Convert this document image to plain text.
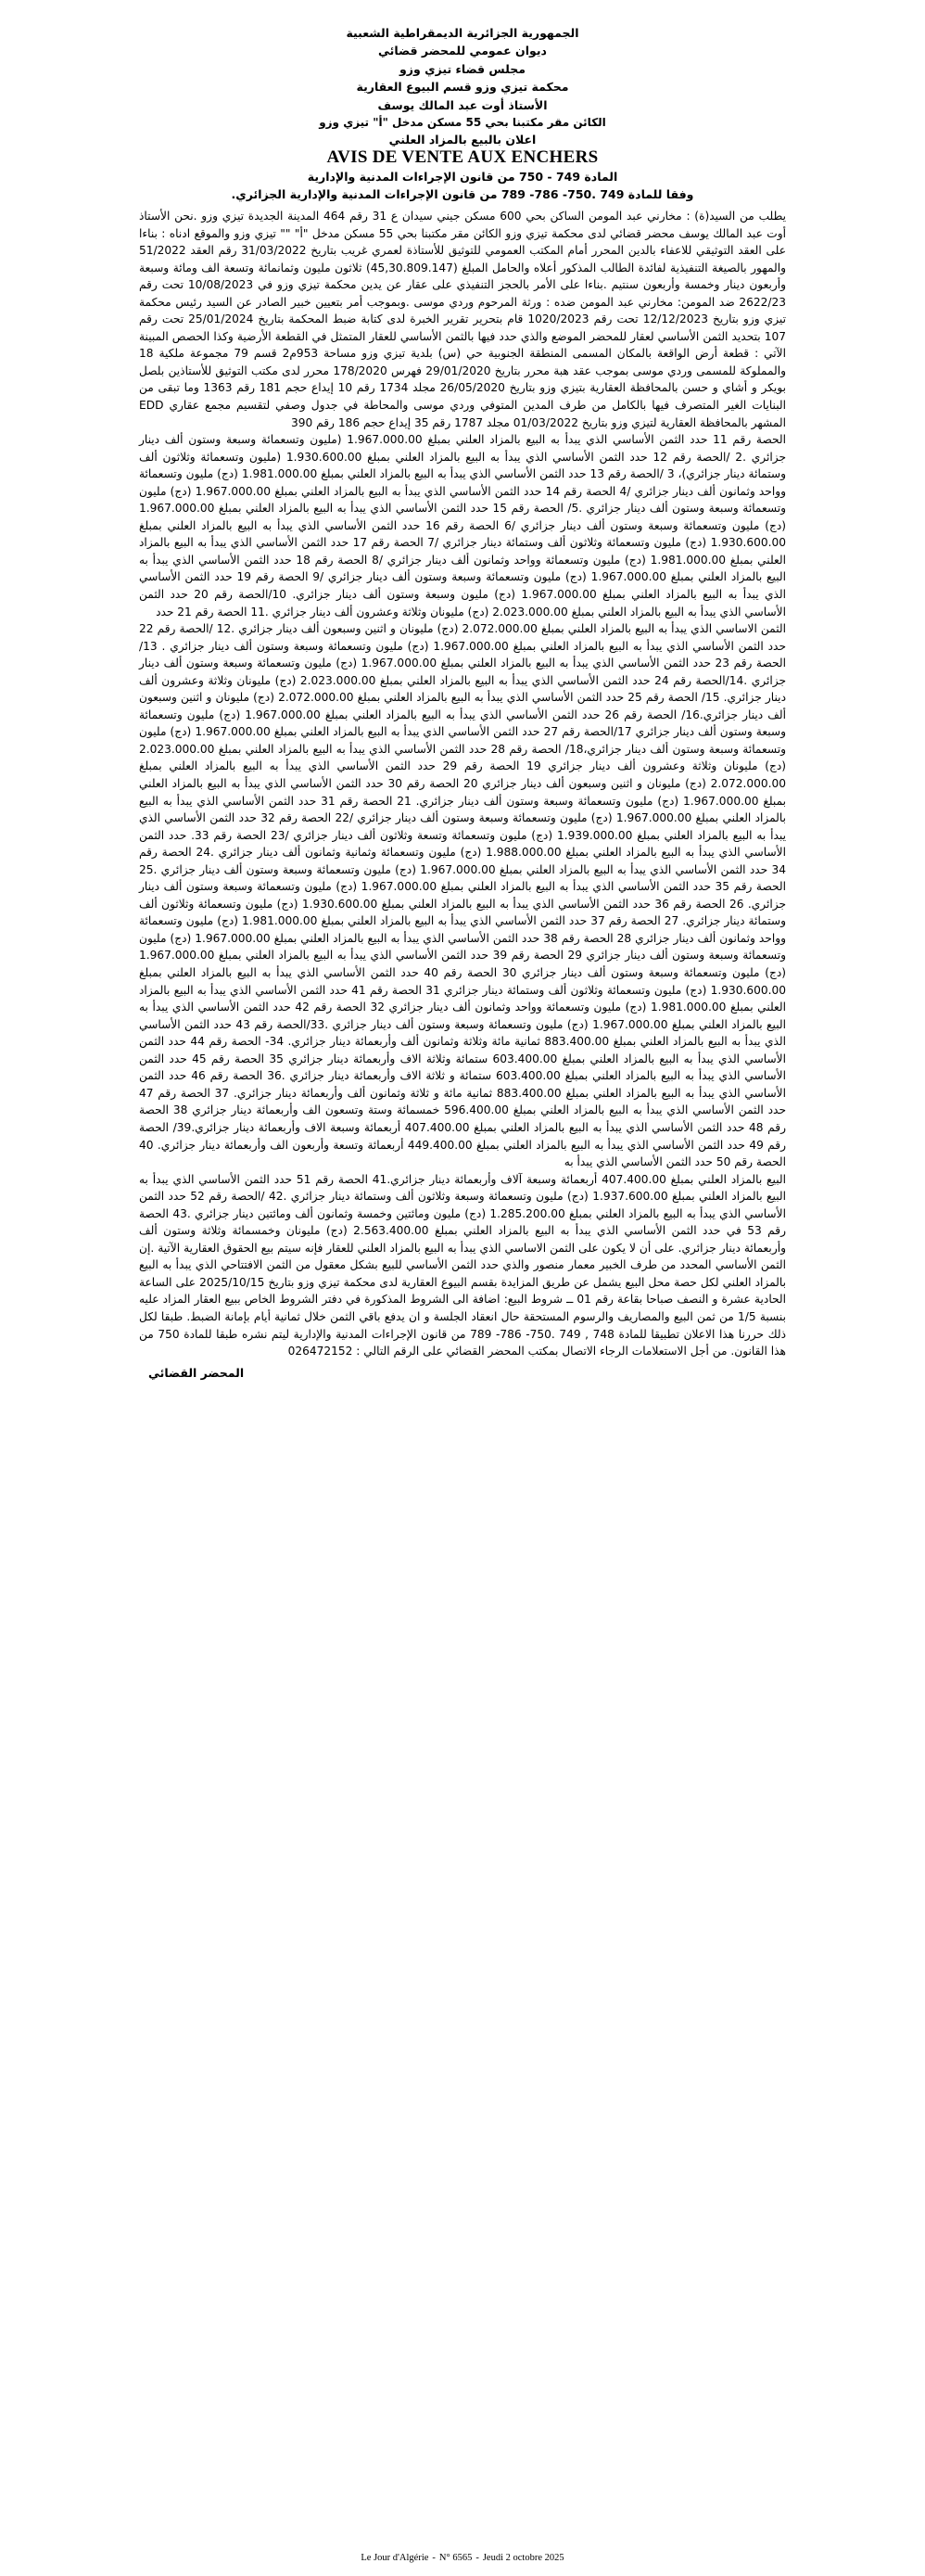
الجمهورية الجزائرية الديمقراطية الشعبية
ديوان عمومي للمحضر قضائي
مجلس قضاء تيزي وزو
محكمة تيزي وزو قسم البيوع العقارية
الأستاذ أوت عبد المالك يوسف
الكائن مقر مكتبنا بحي 55 مسكن مدخل "أ" تيزي وزو
اعلان بالبيع بالمزاد العلني
AVIS DE VENTE AUX ENCHERS
المادة 749 - 750 من قانون الإجراءات المدنية والإدارية
وفقا للمادة 749 .750- 786- 789 من قانون الإجراءات المدنية والإدارية الجزائري.

يطلب من السيد(ة) : مخارني عبد المومن الساكن بحي 600 مسكن جيني سيدان ع 31 رقم 464 المدينة الجديدة تيزي وزو .نحن الأستاذ أوت عبد المالك يوسف محضر قضائي لدى محكمة تيزي وزو الكائن مقر مكتبنا بحي 55 مسكن مدخل "أ" "" تيزي وزو والموقع ادناه : بناءا على العقد التوثيقي للاعفاء بالدين المحرر أمام المكتب العمومي للتوثيق للأستاذة لعمري غريب بتاريخ 31/03/2022 رقم العقد 51/2022 والمهور بالصيغة التنفيذية لفائدة الطالب المذكور أعلاه والحامل المبلغ (45,30.809.147) ثلاثون مليون وثمانمائة وتسعة الف ومائة وسبعة وأربعون دينار وخمسة وأربعون سنتيم .بناءا على الأمر بالحجز التنفيذي على عقار عن يدين محكمة تيزي وزو في 10/08/2023 تحت رقم 2622/23 ضد المومن: مخارني عبد المومن ضده : ورثة المرحوم وردي موسى .وبموجب أمر بتعيين خبير الصادر عن السيد رئيس محكمة تيزي وزو بتاريخ 12/12/2023 تحت رقم 1020/2023 قام بتحرير تقرير الخبرة لدى كتابة ضبط المحكمة بتاريخ 25/01/2024 تحت رقم 107 بتحديد الثمن الأساسي لعقار للمحضر الموضع والذي حدد فيها بالثمن الأساسي للعقار المتمثل في القطعة الأرضية وكذا الحصص المبينة الآتي : قطعة أرض الواقعة بالمكان المسمى المنطقة الجنوبية حي (س) بلدية تيزي وزو مساحة 953م2 قسم 79 مجموعة ملكية 18 والمملوكة للمسمى وردي موسى بموجب عقد هبة محرر بتاريخ 29/01/2020 فهرس 178/2020 محرر لدى مكتب التوثيق للأستاذين بلصل بويكر و أشاي و حسن بالمحافظة العقارية بتيزي وزو بتاريخ 26/05/2020 مجلد 1734 رقم 10 إيداع حجم 181 رقم 1363 وما تبقى من البنايات الغير المتصرف فيها بالكامل من طرف المدين المتوفي وردي موسى والمحاطة في جدول وصفي لتقسيم مجمع عقاري EDD المشهر بالمحافظة العقارية لتيزي وزو بتاريخ 01/03/2022 مجلد 1787 رقم 35 إيداع حجم 186 رقم 390

الحصة رقم 11 حدد الثمن الأساسي الذي يبدأ به البيع بالمزاد العلني بمبلغ 1.967.000.00 (مليون وتسعمائة وسبعة وستون ألف دينار جزائري .2 /الحصة رقم 12 حدد الثمن الأساسي الذي يبدأ به البيع بالمزاد العلني بمبلغ 1.930.600.00 (مليون وتسعمائة وثلاثون ألف وستمائة دينار جزائري)، 3 /الحصة رقم 13 حدد الثمن الأساسي الذي يبدأ به البيع بالمزاد العلني بمبلغ 1.981.000.00 (دج) مليون وتسعمائة وواحد وثمانون ألف دينار جزائري /4 الحصة رقم 14 حدد الثمن الأساسي الذي يبدأ به البيع بالمزاد العلني بمبلغ 1.967.000.00 (دج) مليون وتسعمائة وسبعة وستون ألف دينار جزائري .5/ الحصة رقم 15 حدد الثمن الأساسي الذي يبدأ به البيع بالمزاد العلني بمبلغ 1.967.000.00 (دج) مليون وتسعمائة وسبعة وستون ألف دينار جزائري /6 الحصة رقم 16 حدد الثمن الأساسي الذي يبدأ به البيع بالمزاد العلني بمبلغ 1.930.600.00 (دج) مليون وتسعمائة وثلاثون ألف وستمائة دينار جزائري /7 الحصة رقم 17 حدد الثمن الأساسي الذي يبدأ به البيع بالمزاد العلني بمبلغ 1.981.000.00 (دج) مليون وتسعمائة وواحد وثمانون ألف دينار جزائري /8 الحصة رقم 18 حدد الثمن الأساسي الذي يبدأ به البيع بالمزاد العلني بمبلغ 1.967.000.00 (دج) مليون وتسعمائة وسبعة وستون ألف دينار جزائري /9 الحصة رقم 19 حدد الثمن الأساسي الذي يبدأ به البيع بالمزاد العلني بمبلغ 1.967.000.00 (دج) مليون وسبعة وستون ألف دينار جزائري. 10/الحصة رقم 20 حدد الثمن الأساسي الذي يبدأ به البيع بالمزاد العلني بمبلغ 2.023.000.00 (دج) مليونان وثلاثة وعشرون ألف دينار جزائري .11 الحصة رقم 21 حدد

الثمن الاساسي الذي يبدأ به البيع بالمزاد العلني بمبلغ 2.072.000.00 (دج) مليونان و اثنين وسبعون ألف دينار جزائري .12 /الحصة رقم 22 حدد الثمن الأساسي الذي يبدأ به البيع بالمزاد العلني بمبلغ 1.967.000.00 (دج) مليون وتسعمائة وسبعة وستون ألف دينار جزائري . 13/ الحصة رقم 23 حدد الثمن الأساسي الذي يبدأ به البيع بالمزاد العلني بمبلغ 1.967.000.00 (دج) مليون وتسعمائة وسبعة وستون ألف دينار جزائري .14/الحصة رقم 24 حدد الثمن الأساسي الذي يبدأ به البيع بالمزاد العلني بمبلغ 2.023.000.00 (دج) مليونان وثلاثة وعشرون ألف دينار جزائري. 15/ الحصة رقم 25 حدد الثمن الأساسي الذي يبدأ به البيع بالمزاد العلني بمبلغ 2.072.000.00 (دج) مليونان و اثنين وسبعون ألف دينار جزائري.16/ الحصة رقم 26 حدد الثمن الأساسي الذي يبدأ به البيع بالمزاد العلني بمبلغ 1.967.000.00 (دج) مليون وتسعمائة وسبعة وستون ألف دينار جزائري 17/الحصة رقم 27 حدد الثمن الأساسي الذي يبدأ به البيع بالمزاد العلني بمبلغ 1.967.000.00 (دج) مليون وتسعمائة وسبعة وستون ألف دينار جزائري،18/ الحصة رقم 28 حدد الثمن الأساسي الذي يبدأ به البيع بالمزاد العلني بمبلغ 2.023.000.00 (دج) مليونان وثلاثة وعشرون ألف دينار جزائري 19 الحصة رقم 29 حدد الثمن الأساسي الذي يبدأ به البيع بالمزاد العلني بمبلغ 2.072.000.00 (دج) مليونان و اثنين وسبعون ألف دينار جزائري 20 الحصة رقم 30 حدد الثمن الأساسي الذي يبدأ به البيع بالمزاد العلني بمبلغ 1.967.000.00 (دج) مليون وتسعمائة وسبعة وستون ألف دينار جزائري. 21 الحصة رقم 31 حدد الثمن الأساسي الذي يبدأ به البيع بالمزاد العلني بمبلغ 1.967.000.00 (دج) مليون وتسعمائة وسبعة وستون ألف دينار جزائري /22 الحصة رقم 32 حدد الثمن الأساسي الذي يبدأ به البيع بالمزاد العلني بمبلغ 1.939.000.00 (دج) مليون وتسعمائة وتسعة وثلاثون ألف دينار جزائري /23 الحصة رقم 33. حدد الثمن الأساسي الذي يبدأ به البيع بالمزاد العلني بمبلغ 1.988.000.00 (دج) مليون وتسعمائة وثمانية وثمانون ألف دينار جزائري .24 الحصة رقم 34 حدد الثمن الأساسي الذي يبدأ به البيع بالمزاد العلني بمبلغ 1.967.000.00 (دج) مليون وتسعمائة وسبعة وستون ألف دينار جزائري .25 الحصة رقم 35 حدد الثمن الأساسي الذي يبدأ به البيع بالمزاد العلني بمبلغ 1.967.000.00 (دج) مليون وتسعمائة وسبعة وستون ألف دينار جزائري. 26 الحصة رقم 36 حدد الثمن الأساسي الذي يبدأ به البيع بالمزاد العلني بمبلغ 1.930.600.00 (دج) مليون وتسعمائة وثلاثون ألف وستمائة دينار جزائري. 27 الحصة رقم 37 حدد الثمن الأساسي الذي يبدأ به البيع بالمزاد العلني بمبلغ 1.981.000.00 (دج) مليون وتسعمائة وواحد وثمانون ألف دينار جزائري 28 الحصة رقم 38 حدد الثمن الأساسي الذي يبدأ به البيع بالمزاد العلني بمبلغ 1.967.000.00 (دج) مليون وتسعمائة وسبعة وستون ألف دينار جزائري 29 الحصة رقم 39 حدد الثمن الأساسي الذي يبدأ به البيع بالمزاد العلني بمبلغ 1.967.000.00 (دج) مليون وتسعمائة وسبعة وستون ألف دينار جزائري 30 الحصة رقم 40 حدد الثمن الأساسي الذي يبدأ به البيع بالمزاد العلني بمبلغ 1.930.600.00 (دج) مليون وتسعمائة وثلاثون ألف وستمائة دينار جزائري 31 الحصة رقم 41 حدد الثمن الأساسي الذي يبدأ به البيع بالمزاد العلني بمبلغ 1.981.000.00 (دج) مليون وتسعمائة وواحد وثمانون ألف دينار جزائري 32 الحصة رقم 42 حدد الثمن الأساسي الذي يبدأ به البيع بالمزاد العلني بمبلغ 1.967.000.00 (دج) مليون وتسعمائة وسبعة وستون ألف دينار جزائري .33/الحصة رقم 43 حدد الثمن الأساسي الذي يبدأ به البيع بالمزاد العلني بمبلغ 883.400.00 ثمانية مائة وثلاثة وثمانون ألف وأربعمائة دينار جزائري. 34- الحصة رقم 44 حدد الثمن الأساسي الذي يبدأ به البيع بالمزاد العلني بمبلغ 603.400.00 ستمائة وثلاثة الاف وأربعمائة دينار جزائري 35 الحصة رقم 45 حدد الثمن الأساسي الذي يبدأ به البيع بالمزاد العلني بمبلغ 603.400.00 ستمائة و ثلاثة الاف وأربعمائة دينار جزائري .36 الحصة رقم 46 حدد الثمن الأساسي الذي يبدأ به البيع بالمزاد العلني بمبلغ 883.400.00 ثمانية مائة و ثلاثة وثمانون ألف وأربعمائة دينار جزائري. 37 الحصة رقم 47 حدد الثمن الأساسي الذي يبدأ به البيع بالمزاد العلني بمبلغ 596.400.00 خمسمائة وستة وتسعون الف وأربعمائة دينار جزائري 38 الحصة رقم 48 حدد الثمن الأساسي الذي يبدأ به البيع بالمزاد العلني بمبلغ 407.400.00 أربعمائة وسبعة الاف وأربعمائة دينار جزائري.39/ الحصة رقم 49 حدد الثمن الأساسي الذي يبدأ به البيع بالمزاد العلني بمبلغ 449.400.00 أربعمائة وتسعة وأربعون الف وأربعمائة دينار جزائري. 40 الحصة رقم 50 حدد الثمن الأساسي الذي يبدأ به

البيع بالمزاد العلني بمبلغ 407.400.00 أربعمائة وسبعة آلاف وأربعمائة دينار جزائري.41 الحصة رقم 51 حدد الثمن الأساسي الذي يبدأ به البيع بالمزاد العلني بمبلغ 1.937.600.00 (دج) مليون وتسعمائة وسبعة وثلاثون ألف وستمائة دينار جزائري .42 /الحصة رقم 52 حدد الثمن الأساسي الذي يبدأ به البيع بالمزاد العلني بمبلغ 1.285.200.00 (دج) مليون ومائتين وخمسة وثمانون ألف ومائتين دينار جزائري .43 الحصة رقم 53 في حدد الثمن الأساسي الذي يبدأ به البيع بالمزاد العلني بمبلغ 2.563.400.00 (دج) مليونان وخمسمائة وثلاثة وستون ألف وأربعمائة دينار جزائري. على أن لا يكون على الثمن الاساسي الذي يبدأ به البيع بالمزاد العلني للعقار فإنه سيتم بيع الحقوق العقارية الآتية .إن الثمن الأساسي المحدد من طرف الخبير معمار منصور والذي حدد الثمن الأساسي للبيع بشكل معقول من الثمن الافتتاحي الذي يبدأ به البيع بالمزاد العلني لكل حصة محل البيع يشمل عن طريق المزايدة بقسم البيوع العقارية لدى محكمة تيزي وزو بتاريخ 2025/10/15 على الساعة الحادية عشرة و النصف صباحا بقاعة رقم 01 ــ شروط البيع: اضافة الى الشروط المذكورة في دفتر الشروط الخاص ببيع العقار المزاد عليه بنسبة 1/5 من ثمن البيع والمصاريف والرسوم المستحقة حال انعقاد الجلسة و ان يدفع باقي الثمن خلال ثمانية أيام بإمانة الضبط. طبقا لكل ذلك حررنا هذا الاعلان تطبيقا للمادة 748 , 749 .750- 786- 789 من قانون الإجراءات المدنية والإدارية ليتم نشره طبقا للمادة 750 من هذا القانون. من أجل الاستعلامات الرجاء الاتصال بمكتب المحضر القضائي على الرقم التالي : 026472152

المحضر القضائي
Le Jour d'Algérie - N° 6565 - Jeudi 2 octobre 2025
